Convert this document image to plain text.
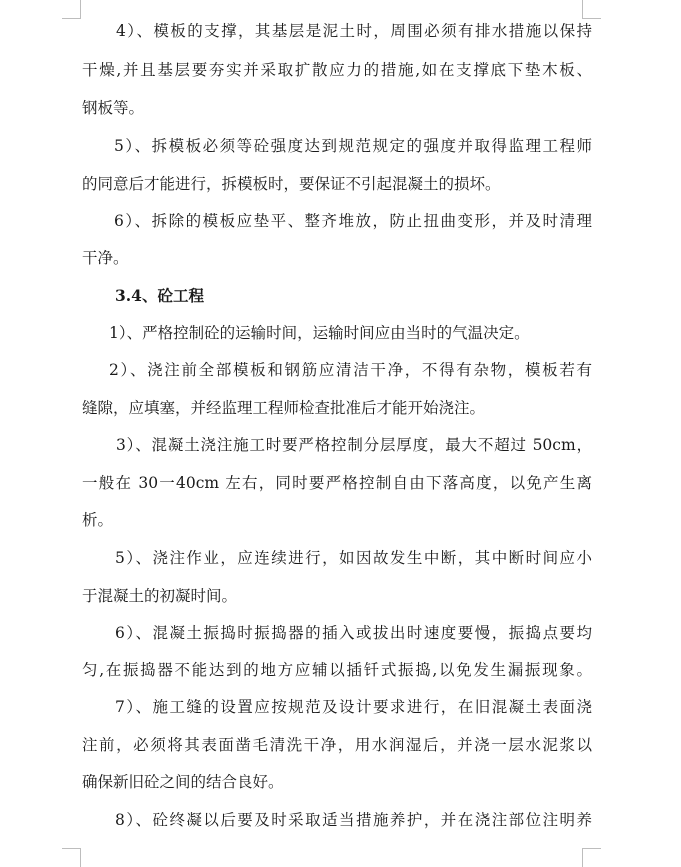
4）、模板的支撑，其基层是泥土时，周围必须有排水措施以保持
干燥,并且基层要夯实并采取扩散应力的措施,如在支撑底下垫木板、
钢板等。
5）、拆模板必须等砼强度达到规范规定的强度并取得监理工程师
的同意后才能进行，拆模板时，要保证不引起混凝土的损坏。
6）、拆除的模板应垫平、整齐堆放，防止扭曲变形，并及时清理
干净。
3.4、砼工程
1）、严格控制砼的运输时间，运输时间应由当时的气温决定。
2）、浇注前全部模板和钢筋应清洁干净，不得有杂物，模板若有
缝隙，应填塞，并经监理工程师检查批准后才能开始浇注。
3）、混凝土浇注施工时要严格控制分层厚度，最大不超过 50cm，
一般在 30一40cm 左右，同时要严格控制自由下落高度，以免产生离
析。
5）、浇注作业，应连续进行，如因故发生中断，其中断时间应小
于混凝土的初凝时间。
6）、混凝土振捣时振捣器的插入或拔出时速度要慢，振捣点要均
匀,在振捣器不能达到的地方应辅以插钎式振捣,以免发生漏振现象。
7）、施工缝的设置应按规范及设计要求进行，在旧混凝土表面浇
注前，必须将其表面凿毛清洗干净，用水润湿后，并浇一层水泥浆以
确保新旧砼之间的结合良好。
8）、砼终凝以后要及时采取适当措施养护，并在浇注部位注明养
